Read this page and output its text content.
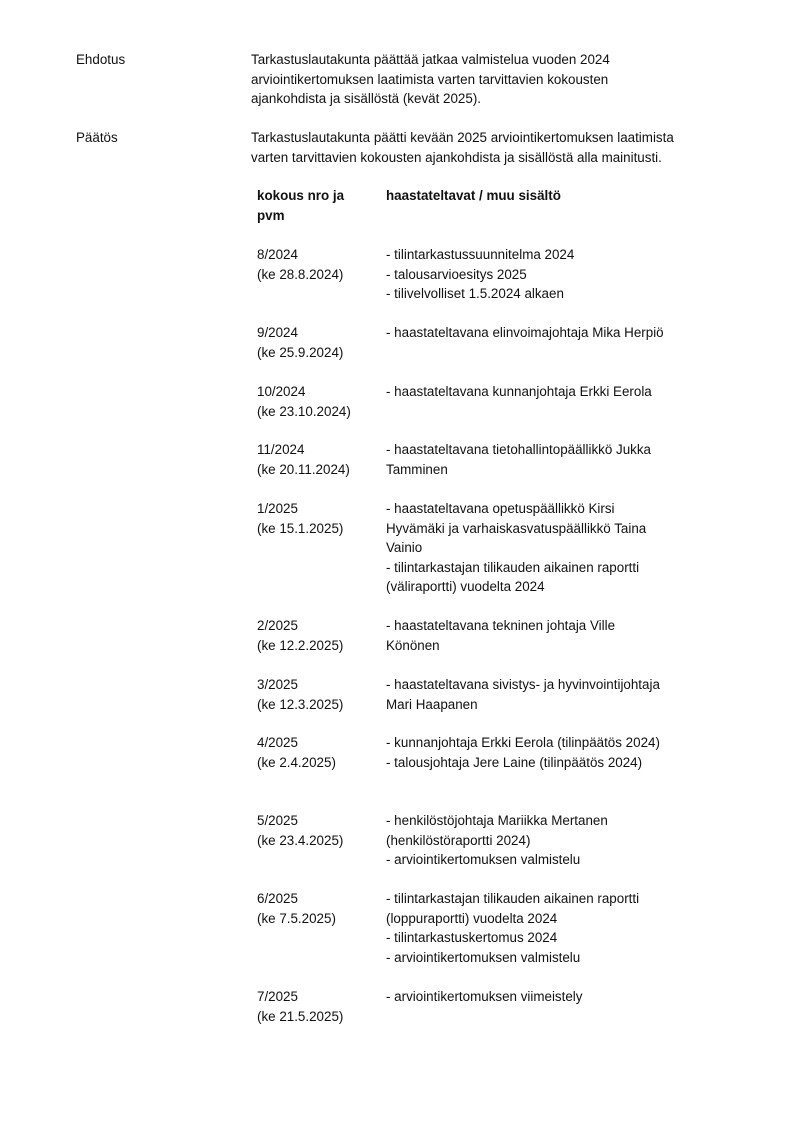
Ehdotus	Tarkastuslautakunta päättää jatkaa valmistelua vuoden 2024
arviointikertomuksen laatimista varten tarvittavien kokousten
ajankohdista ja sisällöstä (kevät 2025).
Päätös	Tarkastuslautakunta päätti kevään 2025 arviointikertomuksen laatimista
varten tarvittavien kokousten ajankohdista ja sisällöstä alla mainitusti.
kokous nro ja
pvm
haastateltavat / muu sisältö
8/2024
(ke 28.8.2024)
- tilintarkastussuunnitelma 2024
- talousarvioesitys 2025
- tilivelvolliset 1.5.2024 alkaen
9/2024
(ke 25.9.2024)
- haastateltavana elinvoimajohtaja Mika Herpiö
10/2024
(ke 23.10.2024)
- haastateltavana kunnanjohtaja Erkki Eerola
11/2024
(ke 20.11.2024)
- haastateltavana tietohallintopäällikkö Jukka
Tamminen
1/2025
(ke 15.1.2025)
- haastateltavana opetuspäällikkö Kirsi
Hyvämäki ja varhaiskasvatuspäällikkö Taina
Vainio
- tilintarkastajan tilikauden aikainen raportti
(väliraportti) vuodelta 2024
2/2025
(ke 12.2.2025)
- haastateltavana tekninen johtaja Ville
Könönen
3/2025
(ke 12.3.2025)
- haastateltavana sivistys- ja hyvinvointijohtaja
Mari Haapanen
4/2025
(ke 2.4.2025)
- kunnanjohtaja Erkki Eerola (tilinpäätös 2024)
- talousjohtaja Jere Laine (tilinpäätös 2024)
5/2025
(ke 23.4.2025)
- henkilöstöjohtaja Mariikka Mertanen
(henkilöstöraportti 2024)
- arviointikertomuksen valmistelu
6/2025
(ke 7.5.2025)
- tilintarkastajan tilikauden aikainen raportti
(loppuraportti) vuodelta 2024
- tilintarkastuskertomus 2024
- arviointikertomuksen valmistelu
7/2025
(ke 21.5.2025)
- arviointikertomuksen viimeistely
